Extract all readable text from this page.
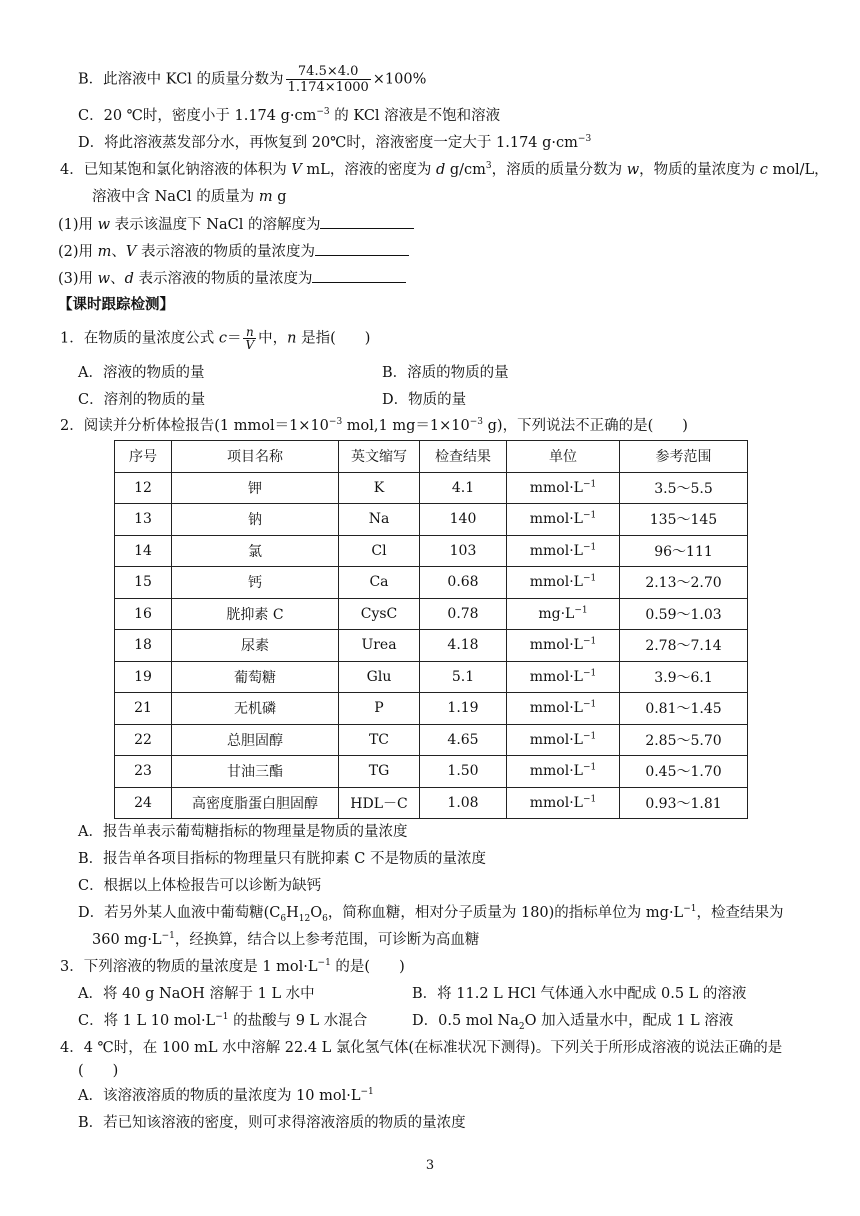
B．此溶液中 KCl 的质量分数为 $\frac{74.5\times 4.0}{1.174\times 1000} \times 100\%$
C．20 ℃时，密度小于 1.174 $g\cdot cm^{-3}$ 的 KCl 溶液是不饱和溶液
D．将此溶液蒸发部分水，再恢复到 20℃时，溶液密度一定大于 1.174 $g\cdot cm^{-3}$
4．已知某饱和氯化钠溶液的体积为 V mL，溶液的密度为 d $g/cm^3$，溶质的质量分数为 w，物质的量浓度为 c mol/L，
溶液中含 NaCl 的质量为 m g
(1)用 w 表示该温度下 NaCl 的溶解度为
(2)用 m、V 表示溶液的物质的量浓度为
(3)用 w、d 表示溶液的物质的量浓度为
【课时跟踪检测】
1．在物质的量浓度公式 $c= \frac{n}{V}$ 中，n 是指(　　)
A．溶液的物质的量	B．溶质的物质的量
C．溶剂的物质的量	D．物质的量
2．阅读并分析体检报告(1 $mmol=1\times 10^{-3}$ mol,1 $mg=1\times 10^{-3}$ g)，下列说法不正确的是(　　)
序号	项目名称	英文缩写	检查结果	单位	参考范围
12	钾	K	4.1	$mmol\cdot L^{-1}$	3.5～5.5
13	钠	Na	140	$mmol\cdot L^{-1}$	135～145
14	氯	Cl	103	$mmol\cdot L^{-1}$	96～111
15	钙	Ca	0.68	$mmol\cdot L^{-1}$	2.13～2.70
16	胱抑素 C	CysC	0.78	$mg\cdot L^{-1}$	0.59～1.03
18	尿素	Urea	4.18	$mmol\cdot L^{-1}$	2.78～7.14
19	葡萄糖	Glu	5.1	$mmol\cdot L^{-1}$	3.9～6.1
21	无机磷	P	1.19	$mmol\cdot L^{-1}$	0.81～1.45
22	总胆固醇	TC	4.65	$mmol\cdot L^{-1}$	2.85～5.70
23	甘油三酯	TG	1.50	$mmol\cdot L^{-1}$	0.45～1.70
24	高密度脂蛋白胆固醇	HDL－C	1.08	$mmol\cdot L^{-1}$	0.93～1.81
A．报告单表示葡萄糖指标的物理量是物质的量浓度
B．报告单各项目指标的物理量只有胱抑素 C 不是物质的量浓度
C．根据以上体检报告可以诊断为缺钙
D．若另外某人血液中葡萄糖($C_6H_{12}O_6$，简称血糖，相对分子质量为 180)的指标单位为 $mg\cdot L^{-1}$，检查结果为
360 $mg\cdot L^{-1}$，经换算，结合以上参考范围，可诊断为高血糖
3．下列溶液的物质的量浓度是 1 $mol\cdot L^{-1}$ 的是(　　)
A．将 40 g NaOH 溶解于 1 L 水中	B．将 11.2 L HCl 气体通入水中配成 0.5 L 的溶液
C．将 1 L 10 $mol\cdot L^{-1}$ 的盐酸与 9 L 水混合	D．0.5 mol $Na_2O$ 加入适量水中，配成 1 L 溶液
4．4 ℃时，在 100 mL 水中溶解 22.4 L 氯化氢气体(在标准状况下测得)。下列关于所形成溶液的说法正确的是
(　　)
A．该溶液溶质的物质的量浓度为 10 $mol\cdot L^{-1}$
B．若已知该溶液的密度，则可求得溶液溶质的物质的量浓度
3
